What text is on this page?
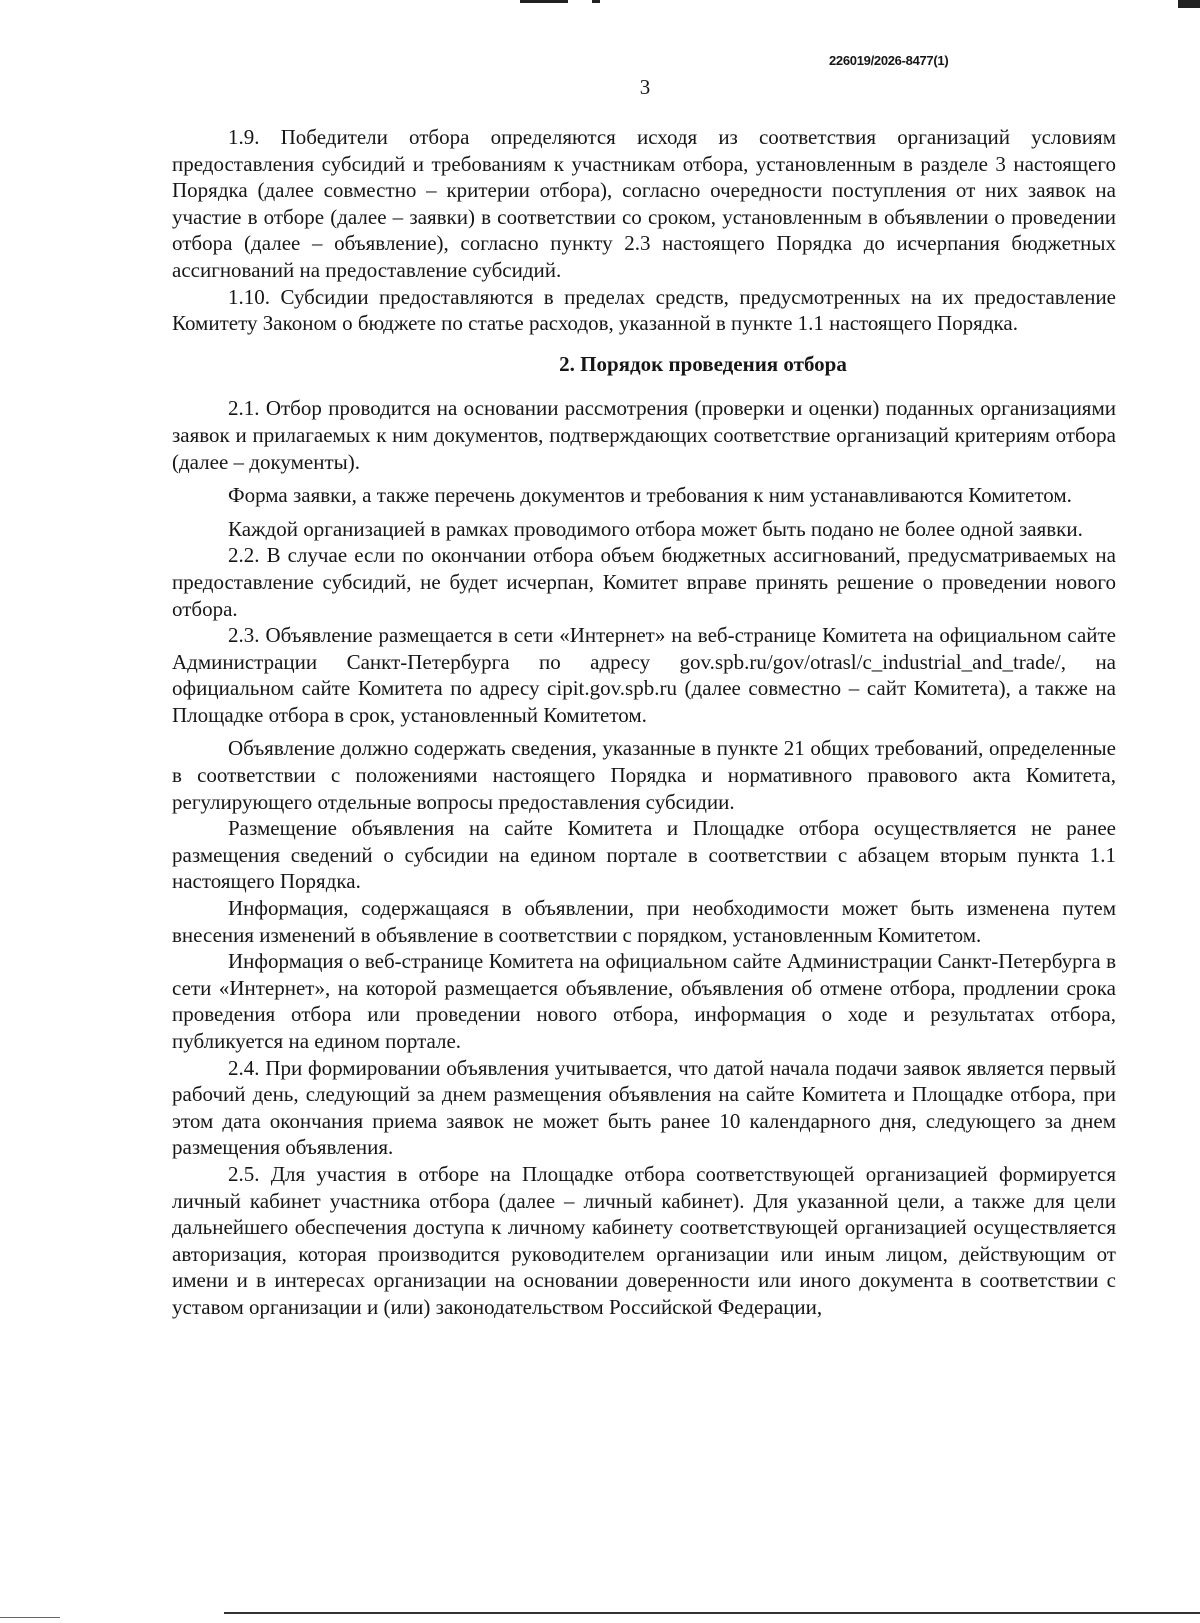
226019/2026-8477(1)
3

1.9. Победители отбора определяются исходя из соответствия организаций условиям предоставления субсидий и требованиям к участникам отбора, установленным в разделе 3 настоящего Порядка (далее совместно – критерии отбора), согласно очередности поступления от них заявок на участие в отборе (далее – заявки) в соответствии со сроком, установленным в объявлении о проведении отбора (далее – объявление), согласно пункту 2.3 настоящего Порядка до исчерпания бюджетных ассигнований на предоставление субсидий.

1.10. Субсидии предоставляются в пределах средств, предусмотренных на их предоставление Комитету Законом о бюджете по статье расходов, указанной в пункте 1.1 настоящего Порядка.

2. Порядок проведения отбора

2.1. Отбор проводится на основании рассмотрения (проверки и оценки) поданных организациями заявок и прилагаемых к ним документов, подтверждающих соответствие организаций критериям отбора (далее – документы).

Форма заявки, а также перечень документов и требования к ним устанавливаются Комитетом.

Каждой организацией в рамках проводимого отбора может быть подано не более одной заявки.

2.2. В случае если по окончании отбора объем бюджетных ассигнований, предусматриваемых на предоставление субсидий, не будет исчерпан, Комитет вправе принять решение о проведении нового отбора.

2.3. Объявление размещается в сети «Интернет» на веб-странице Комитета на официальном сайте Администрации Санкт-Петербурга по адресу gov.spb.ru/gov/otrasl/c_industrial_and_trade/, на официальном сайте Комитета по адресу cipit.gov.spb.ru (далее совместно – сайт Комитета), а также на Площадке отбора в срок, установленный Комитетом.

Объявление должно содержать сведения, указанные в пункте 21 общих требований, определенные в соответствии с положениями настоящего Порядка и нормативного правового акта Комитета, регулирующего отдельные вопросы предоставления субсидии.

Размещение объявления на сайте Комитета и Площадке отбора осуществляется не ранее размещения сведений о субсидии на едином портале в соответствии с абзацем вторым пункта 1.1 настоящего Порядка.

Информация, содержащаяся в объявлении, при необходимости может быть изменена путем внесения изменений в объявление в соответствии с порядком, установленным Комитетом.

Информация о веб-странице Комитета на официальном сайте Администрации Санкт-Петербурга в сети «Интернет», на которой размещается объявление, объявления об отмене отбора, продлении срока проведения отбора или проведении нового отбора, информация о ходе и результатах отбора, публикуется на едином портале.

2.4. При формировании объявления учитывается, что датой начала подачи заявок является первый рабочий день, следующий за днем размещения объявления на сайте Комитета и Площадке отбора, при этом дата окончания приема заявок не может быть ранее 10 календарного дня, следующего за днем размещения объявления.

2.5. Для участия в отборе на Площадке отбора соответствующей организацией формируется личный кабинет участника отбора (далее – личный кабинет). Для указанной цели, а также для цели дальнейшего обеспечения доступа к личному кабинету соответствующей организацией осуществляется авторизация, которая производится руководителем организации или иным лицом, действующим от имени и в интересах организации на основании доверенности или иного документа в соответствии с уставом организации и (или) законодательством Российской Федерации,
